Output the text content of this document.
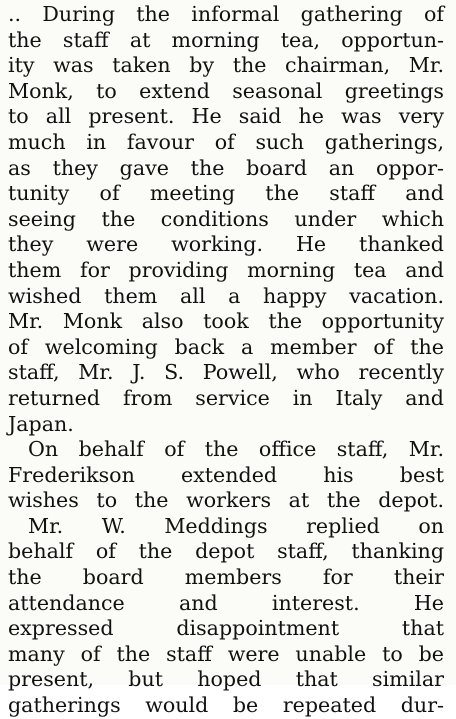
.. During the informal gathering of
the staff at morning tea, opportun-
ity was taken by the chairman, Mr.
Monk, to extend seasonal greetings
to all present. He said he was very
much in favour of such gatherings,
as they gave the board an oppor-
tunity of meeting the staff and
seeing the conditions under which
they were working. He thanked
them for providing morning tea and
wished them all a happy vacation.
Mr. Monk also took the opportunity
of welcoming back a member of the
staff, Mr. J. S. Powell, who recently
returned from service in Italy and
Japan.
On behalf of the office staff, Mr.
Frederikson extended his best
wishes to the workers at the depot.
Mr. W. Meddings replied on
behalf of the depot staff, thanking
the board members for their
attendance and interest. He
expressed disappointment that
many of the staff were unable to be
present, but hoped that similar
gatherings would be repeated dur-
